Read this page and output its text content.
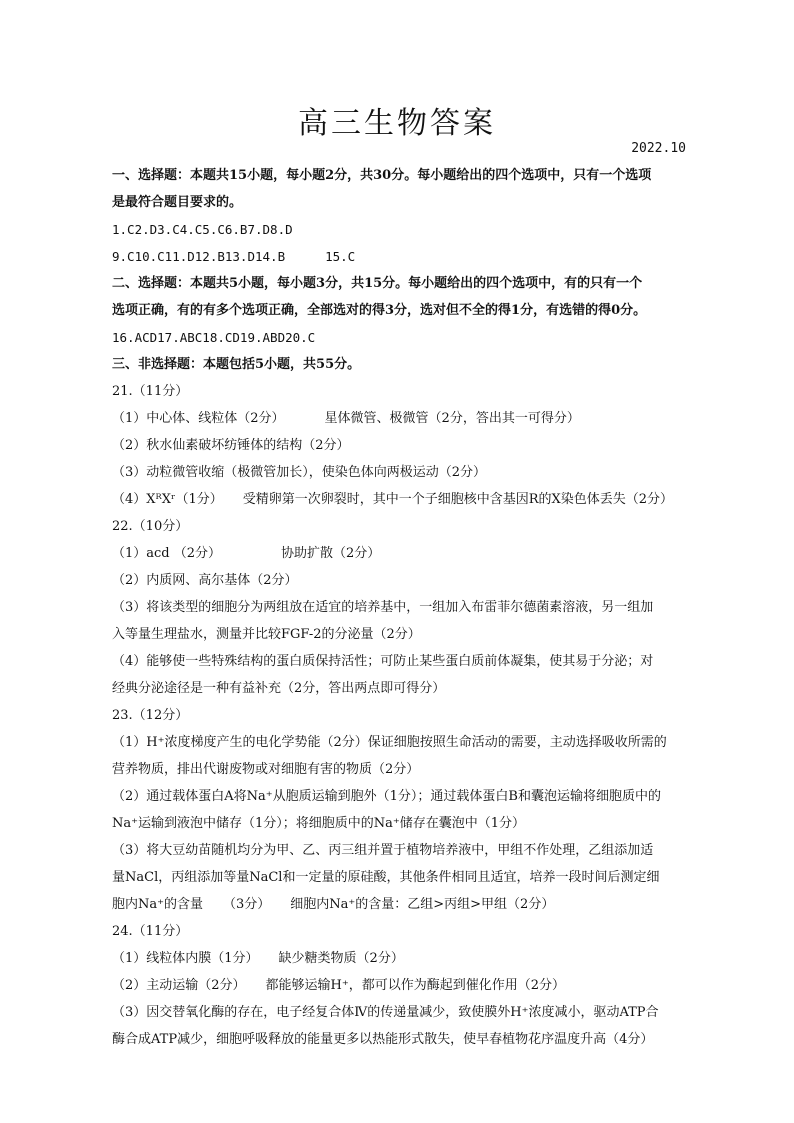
高三生物答案
2022.10
一、选择题：本题共15小题，每小题2分，共30分。每小题给出的四个选项中，只有一个选项
是最符合题目要求的。
1.C2.D3.C4.C5.C6.B7.D8.D
9.C10.C11.D12.B13.D14.B	15.C
二、选择题：本题共5小题，每小题3分，共15分。每小题给出的四个选项中，有的只有一个
选项正确，有的有多个选项正确，全部选对的得3分，选对但不全的得1分，有选错的得0分。
16.ACD17.ABC18.CD19.ABD20.C
三、非选择题：本题包括5小题，共55分。
21.（11分）
（1）中心体、线粒体（2分）	星体微管、极微管（2分，答出其一可得分）
（2）秋水仙素破坏纺锤体的结构（2分）
（3）动粒微管收缩（极微管加长），使染色体向两极运动（2分）
（4）XᴿXʳ（1分） 受精卵第一次卵裂时，其中一个子细胞核中含基因R的X染色体丢失（2分）
22.（10分）
（1）acd （2分）	协助扩散（2分）
（2）内质网、高尔基体（2分）
（3）将该类型的细胞分为两组放在适宜的培养基中，一组加入布雷菲尔德菌素溶液，另一组加
入等量生理盐水，测量并比较FGF-2的分泌量（2分）
（4）能够使一些特殊结构的蛋白质保持活性；可防止某些蛋白质前体凝集，使其易于分泌；对
经典分泌途径是一种有益补充（2分，答出两点即可得分）
23.（12分）
（1）H⁺浓度梯度产生的电化学势能（2分）保证细胞按照生命活动的需要，主动选择吸收所需的
营养物质，排出代谢废物或对细胞有害的物质（2分）
（2）通过载体蛋白A将Na⁺从胞质运输到胞外（1分）；通过载体蛋白B和囊泡运输将细胞质中的
Na⁺运输到液泡中储存（1分）；将细胞质中的Na⁺储存在囊泡中（1分）
（3）将大豆幼苗随机均分为甲、乙、丙三组并置于植物培养液中，甲组不作处理，乙组添加适
量NaCl，丙组添加等量NaCl和一定量的原硅酸，其他条件相同且适宜，培养一段时间后测定细
胞内Na⁺的含量 （3分） 细胞内Na⁺的含量：乙组>丙组>甲组（2分）
24.（11分）
（1）线粒体内膜（1分） 缺少糖类物质（2分）
（2）主动运输（2分） 都能够运输H⁺，都可以作为酶起到催化作用（2分）
（3）因交替氧化酶的存在，电子经复合体Ⅳ的传递量减少，致使膜外H⁺浓度减小，驱动ATP合
酶合成ATP减少，细胞呼吸释放的能量更多以热能形式散失，使早春植物花序温度升高（4分）
